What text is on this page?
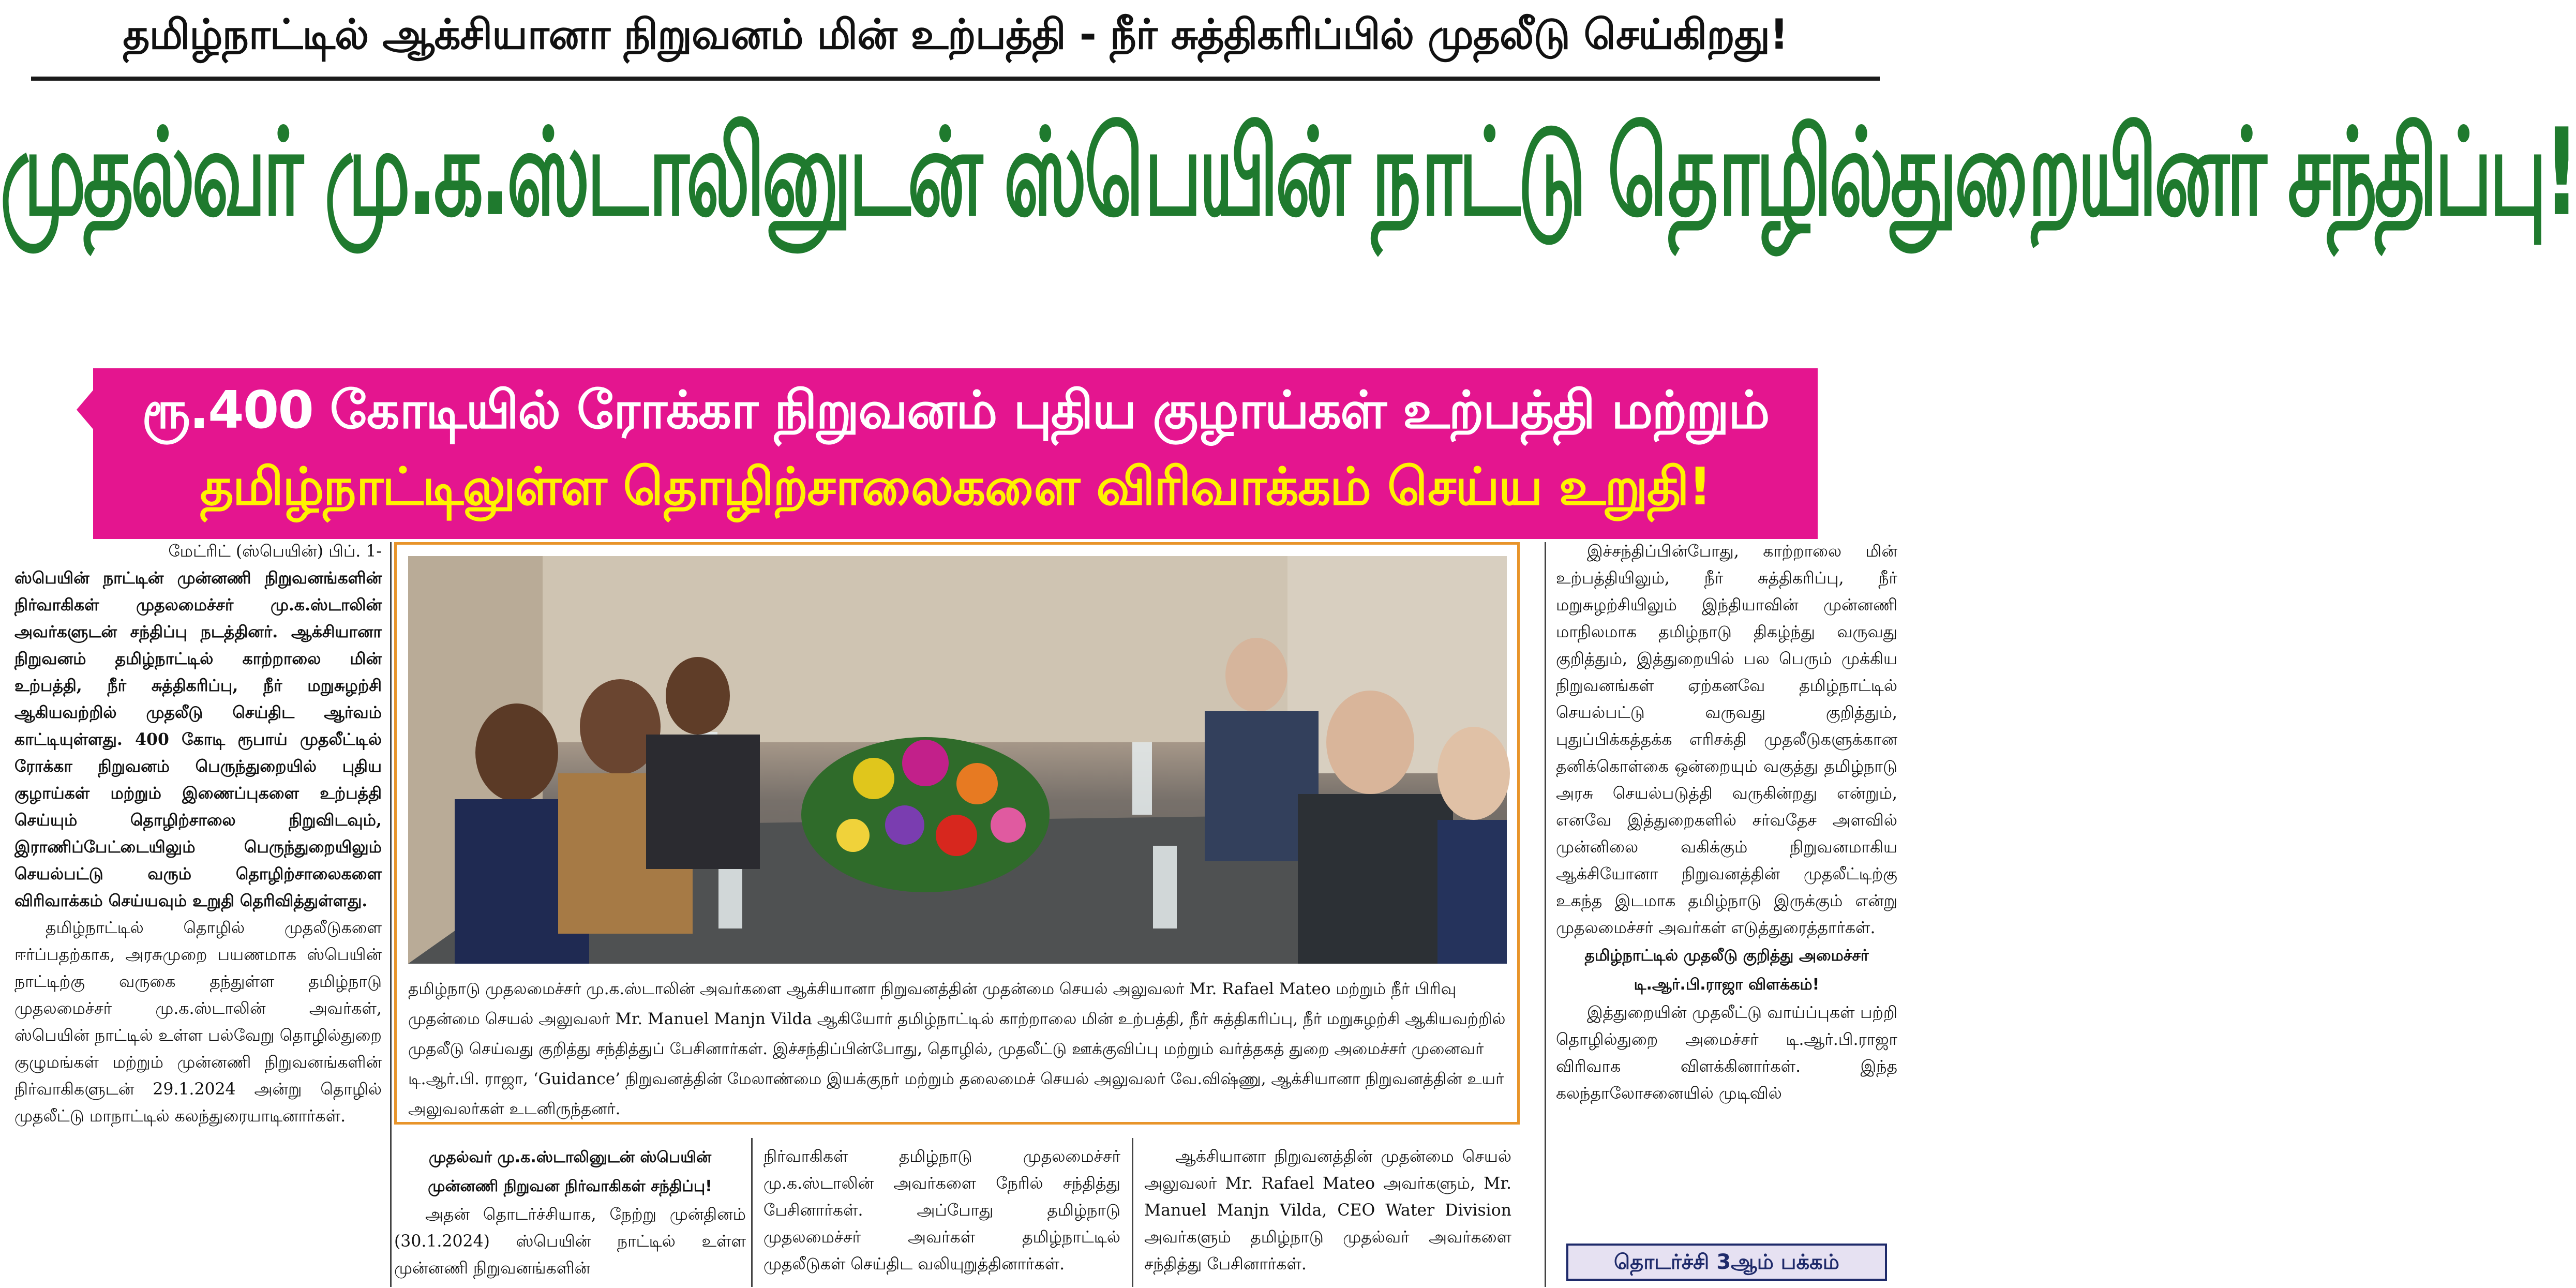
தமிழ்நாட்டில் ஆக்சியானா நிறுவனம் மின் உற்பத்தி - நீர் சுத்திகரிப்பில் முதலீடு செய்கிறது!
முதல்வர் மு.க.ஸ்டாலினுடன் ஸ்பெயின் நாட்டு தொழில்துறையினர் சந்திப்பு!
ரூ.400 கோடியில் ரோக்கா நிறுவனம் புதிய குழாய்கள் உற்பத்தி மற்றும்
தமிழ்நாட்டிலுள்ள தொழிற்சாலைகளை விரிவாக்கம் செய்ய உறுதி!

மேட்ரிட் (ஸ்பெயின்) பிப். 1-

ஸ்பெயின் நாட்டின் முன்னணி நிறுவனங்களின் நிர்வாகிகள் முதலமைச்சர் மு.க.ஸ்டாலின் அவர்களுடன் சந்திப்பு நடத்தினர். ஆக்சியானா நிறுவனம் தமிழ்நாட்டில் காற்றாலை மின் உற்பத்தி, நீர் சுத்திகரிப்பு, நீர் மறுசுழற்சி ஆகியவற்றில் முதலீடு செய்திட ஆர்வம் காட்டியுள்ளது. 400 கோடி ரூபாய் முதலீட்டில் ரோக்கா நிறுவனம் பெருந்துறையில் புதிய குழாய்கள் மற்றும் இணைப்புகளை உற்பத்தி செய்யும் தொழிற்சாலை நிறுவிடவும், இராணிப்பேட்டையிலும் பெருந்துறையிலும் செயல்பட்டு வரும் தொழிற்சாலைகளை விரிவாக்கம் செய்யவும் உறுதி தெரிவித்துள்ளது.

தமிழ்நாட்டில் தொழில் முதலீடுகளை ஈர்ப்பதற்காக, அரசுமுறை பயணமாக ஸ்பெயின் நாட்டிற்கு வருகை தந்துள்ள தமிழ்நாடு முதலமைச்சர் மு.க.ஸ்டாலின் அவர்கள், ஸ்பெயின் நாட்டில் உள்ள பல்வேறு தொழில்துறை குழுமங்கள் மற்றும் முன்னணி நிறுவனங்களின் நிர்வாகிகளுடன் 29.1.2024 அன்று தொழில் முதலீட்டு மாநாட்டில் கலந்துரையாடினார்கள்.

தமிழ்நாடு முதலமைச்சர் மு.க.ஸ்டாலின் அவர்களை ஆக்சியானா நிறுவனத்தின் முதன்மை செயல் அலுவலர் Mr. Rafael Mateo மற்றும் நீர் பிரிவு முதன்மை செயல் அலுவலர் Mr. Manuel Manjn Vilda ஆகியோர் தமிழ்நாட்டில் காற்றாலை மின் உற்பத்தி, நீர் சுத்திகரிப்பு, நீர் மறுசுழற்சி ஆகியவற்றில் முதலீடு செய்வது குறித்து சந்தித்துப் பேசினார்கள். இச்சந்திப்பின்போது, தொழில், முதலீட்டு ஊக்குவிப்பு மற்றும் வர்த்தகத் துறை அமைச்சர் முனைவர் டி.ஆர்.பி. ராஜா, ‘Guidance’ நிறுவனத்தின் மேலாண்மை இயக்குநர் மற்றும் தலைமைச் செயல் அலுவலர் வே.விஷ்ணு, ஆக்சியானா நிறுவனத்தின் உயர் அலுவலர்கள் உடனிருந்தனர்.

முதல்வர் மு.க.ஸ்டாலினுடன் ஸ்பெயின் முன்னணி நிறுவன நிர்வாகிகள் சந்திப்பு!

அதன் தொடர்ச்சியாக, நேற்று முன்தினம் (30.1.2024) ஸ்பெயின் நாட்டில் உள்ள முன்னணி நிறுவனங்களின்

நிர்வாகிகள் தமிழ்நாடு முதலமைச்சர் மு.க.ஸ்டாலின் அவர்களை நேரில் சந்தித்து பேசினார்கள். அப்போது தமிழ்நாடு முதலமைச்சர் அவர்கள் தமிழ்நாட்டில் முதலீடுகள் செய்திட வலியுறுத்தினார்கள்.

ஆக்சியானா நிறுவனத்தின் முதன்மை செயல் அலுவலர் Mr. Rafael Mateo அவர்களும், Mr. Manuel Manjn Vilda, CEO Water Division அவர்களும் தமிழ்நாடு முதல்வர் அவர்களை சந்தித்து பேசினார்கள்.

இச்சந்திப்பின்போது, காற்றாலை மின் உற்பத்தியிலும், நீர் சுத்திகரிப்பு, நீர் மறுசுழற்சியிலும் இந்தியாவின் முன்னணி மாநிலமாக தமிழ்நாடு திகழ்ந்து வருவது குறித்தும், இத்துறையில் பல பெரும் முக்கிய நிறுவனங்கள் ஏற்கனவே தமிழ்நாட்டில் செயல்பட்டு வருவது குறித்தும், புதுப்பிக்கத்தக்க எரிசக்தி முதலீடுகளுக்கான தனிக்கொள்கை ஒன்றையும் வகுத்து தமிழ்நாடு அரசு செயல்படுத்தி வருகின்றது என்றும், எனவே இத்துறைகளில் சர்வதேச அளவில் முன்னிலை வகிக்கும் நிறுவனமாகிய ஆக்சியோனா நிறுவனத்தின் முதலீட்டிற்கு உகந்த இடமாக தமிழ்நாடு இருக்கும் என்று முதலமைச்சர் அவர்கள் எடுத்துரைத்தார்கள்.

தமிழ்நாட்டில் முதலீடு குறித்து அமைச்சர் டி.ஆர்.பி.ராஜா விளக்கம்!

இத்துறையின் முதலீட்டு வாய்ப்புகள் பற்றி தொழில்துறை அமைச்சர் டி.ஆர்.பி.ராஜா விரிவாக விளக்கினார்கள். இந்த கலந்தாலோசனையில் முடிவில்

தொடர்ச்சி 3ஆம் பக்கம்
